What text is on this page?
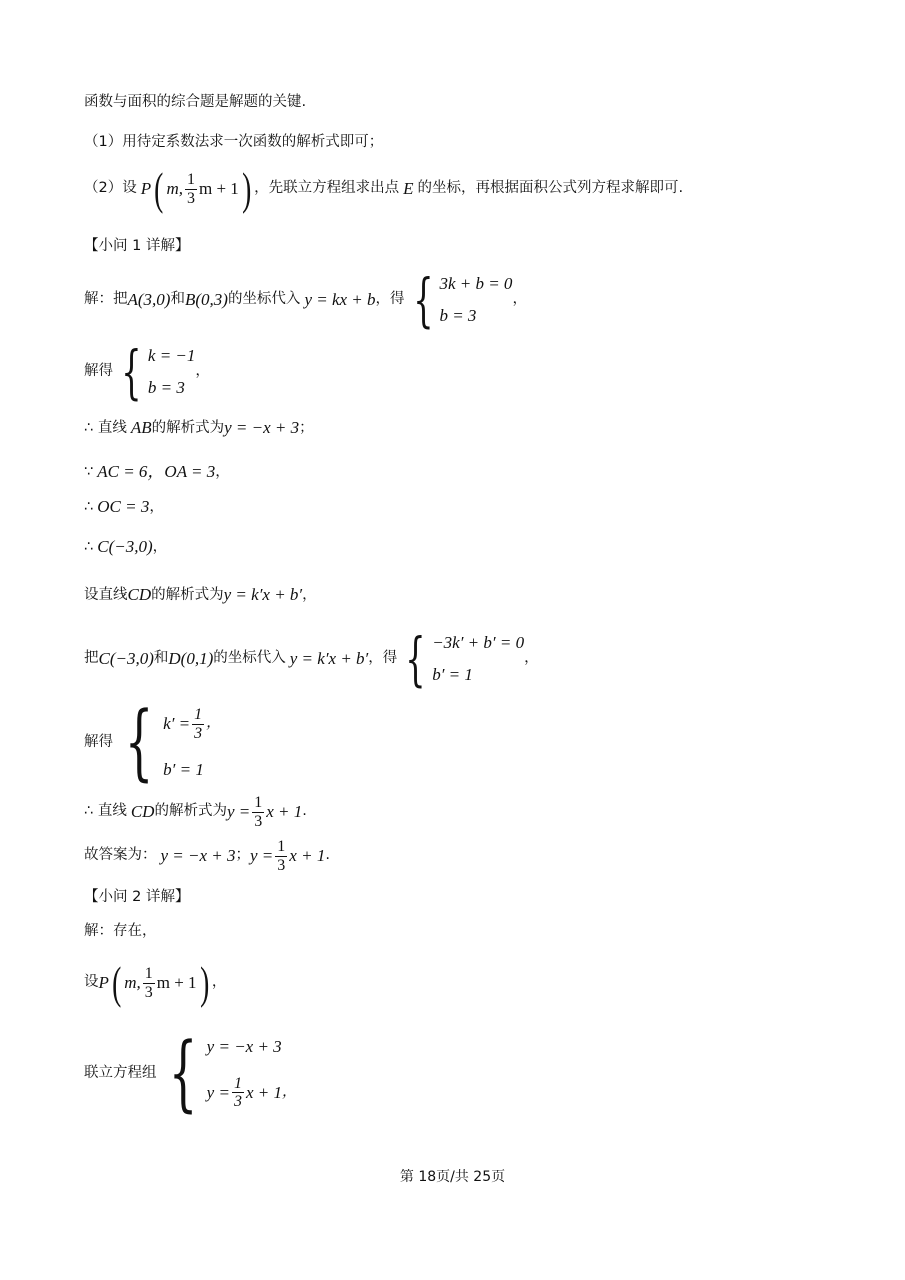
函数与面积的综合题是解题的关键.
（1）用待定系数法求一次函数的解析式即可；
（2）设 P ( m, $\frac{1}{3}$ m + 1 ) ，先联立方程组求出点 E 的坐标，再根据面积公式列方程求解即可.
【小问 1 详解】
解：把 A(3,0) 和 B(0,3) 的坐标代入 y = kx + b ，得 { 3k + b = 0
b = 3
，
解得 { k = −1
b = 3
，
∴ 直线 AB 的解析式为 y = −x + 3 ；
∵ AC = 6，OA = 3 ，
∴ OC = 3 ，
∴ C(−3,0) ，
设直线 CD 的解析式为 y = k′x + b′ ，
把 C(−3,0) 和 D(0,1) 的坐标代入 y = k′x + b′ ，得 { −3k′ + b′ = 0
b′ = 1
，
解得 { $k' = \frac{1}{3}$ ，
b′ = 1
∴ 直线 CD 的解析式为 $y = \frac{1}{3}$ x + 1 .
故答案为： y = −x + 3 ； $y = \frac{1}{3}$ x + 1 .
【小问 2 详解】
解：存在，
设 P ( m, $\frac{1}{3}$ m + 1 ) ，
联立方程组 { y = −x + 3
$y = \frac{1}{3}$ x + 1 ，
第 18页/共 25页
